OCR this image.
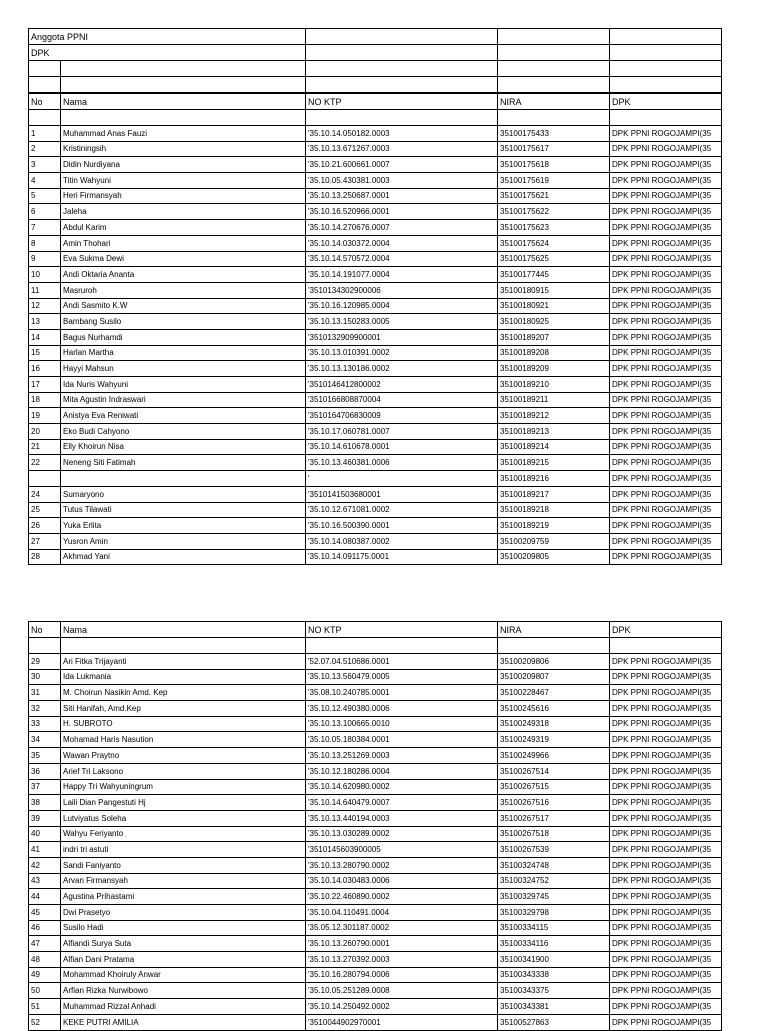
Anggota PPNI				
DPK				

No	Nama	NO KTP	NIRA	DPK

1	Muhammad Anas Fauzi	'35.10.14.050182.0003	35100175433	DPK PPNI ROGOJAMPI(35
2	Kristiningsih	'35.10.13.671267.0003	35100175617	DPK PPNI ROGOJAMPI(35
3	Didin Nurdiyana	'35.10.21.600661.0007	35100175618	DPK PPNI ROGOJAMPI(35
4	Titin Wahyuni	'35.10.05.430381.0003	35100175619	DPK PPNI ROGOJAMPI(35
5	Heri Firmansyah	'35.10.13.250687.0001	35100175621	DPK PPNI ROGOJAMPI(35
6	Jaleha	'35.10.16.520966.0001	35100175622	DPK PPNI ROGOJAMPI(35
7	Abdul Karim	'35.10.14.270676.0007	35100175623	DPK PPNI ROGOJAMPI(35
8	Amin Thohari	'35.10.14.030372.0004	35100175624	DPK PPNI ROGOJAMPI(35
9	Eva Sukma Dewi	'35.10.14.570572.0004	35100175625	DPK PPNI ROGOJAMPI(35
10	Andi Oktaria Ananta	'35.10.14.191077.0004	35100177445	DPK PPNI ROGOJAMPI(35
11	Masruroh	'3510134302900006	35100180915	DPK PPNI ROGOJAMPI(35
12	Andi Sasmito K.W	'35.10.16.120985.0004	35100180921	DPK PPNI ROGOJAMPI(35
13	Bambang Susilo	'35.10.13.150283.0005	35100180925	DPK PPNI ROGOJAMPI(35
14	Bagus Nurhamdi	'3510132909900001	35100189207	DPK PPNI ROGOJAMPI(35
15	Harlan Martha	'35.10.13.010391.0002	35100189208	DPK PPNI ROGOJAMPI(35
16	Hayyi Mahsun	'35.10.13.130186.0002	35100189209	DPK PPNI ROGOJAMPI(35
17	Ida Nuris Wahyuni	'3510146412800002	35100189210	DPK PPNI ROGOJAMPI(35
18	Mita Agustin Indraswari	'3510166808870004	35100189211	DPK PPNI ROGOJAMPI(35
19	Anistya Eva Reniwati	'3510164706830009	35100189212	DPK PPNI ROGOJAMPI(35
20	Eko Budi Cahyono	'35.10.17.060781.0007	35100189213	DPK PPNI ROGOJAMPI(35
21	Elly Khoirun Nisa	'35.10.14.610678.0001	35100189214	DPK PPNI ROGOJAMPI(35
22	Neneng Siti Fatimah	'35.10.13.460381.0006	35100189215	DPK PPNI ROGOJAMPI(35
		'	35100189216	DPK PPNI ROGOJAMPI(35
24	Sumaryono	'3510141503680001	35100189217	DPK PPNI ROGOJAMPI(35
25	Tutus Tilawati	'35.10.12.671081.0002	35100189218	DPK PPNI ROGOJAMPI(35
26	Yuka Erlita	'35.10.16.500390.0001	35100189219	DPK PPNI ROGOJAMPI(35
27	Yusron Amin	'35.10.14.080387.0002	35100209759	DPK PPNI ROGOJAMPI(35
28	Akhmad Yani	'35.10.14.091175.0001	35100209805	DPK PPNI ROGOJAMPI(35
No	Nama	NO KTP	NIRA	DPK

29	Ari Fitka Trijayanti	'52.07.04.510686.0001	35100209806	DPK PPNI ROGOJAMPI(35
30	Ida Lukmania	'35.10.13.560479.0005	35100209807	DPK PPNI ROGOJAMPI(35
31	M. Choirun Nasikin Amd. Kep	'35.08.10.240785.0001	35100228467	DPK PPNI ROGOJAMPI(35
32	Siti Hanifah, Amd.Kep	'35.10.12.490380.0006	35100245616	DPK PPNI ROGOJAMPI(35
33	H. SUBROTO	'35.10.13.100665.0010	35100249318	DPK PPNI ROGOJAMPI(35
34	Mohamad Haris Nasution	'35.10.05.180384.0001	35100249319	DPK PPNI ROGOJAMPI(35
35	Wawan Praytno	'35.10.13.251269.0003	35100249966	DPK PPNI ROGOJAMPI(35
36	Arief Tri Laksono	'35.10.12.180286.0004	35100267514	DPK PPNI ROGOJAMPI(35
37	Happy Tri Wahyuningrum	'35.10.14.620980.0002	35100267515	DPK PPNI ROGOJAMPI(35
38	Laili Dian Pangestuti Hj	'35.10.14.640479.0007	35100267516	DPK PPNI ROGOJAMPI(35
39	Lutviyatus Soleha	'35.10.13.440194.0003	35100267517	DPK PPNI ROGOJAMPI(35
40	Wahyu Feriyanto	'35.10.13.030289.0002	35100267518	DPK PPNI ROGOJAMPI(35
41	indri tri astuti	'3510145603900005	35100267539	DPK PPNI ROGOJAMPI(35
42	Sandi Faniyanto	'35.10.13.280790.0002	35100324748	DPK PPNI ROGOJAMPI(35
43	Arvan Firmansyah	'35.10.14.030483.0006	35100324752	DPK PPNI ROGOJAMPI(35
44	Agustina Prihastami	'35.10.22.460890.0002	35100329745	DPK PPNI ROGOJAMPI(35
45	Dwi Prasetyo	'35.10.04.110491.0004	35100329798	DPK PPNI ROGOJAMPI(35
46	Susilo Hadi	'35.05.12.301187.0002	35100334115	DPK PPNI ROGOJAMPI(35
47	Alfiandi Surya Suta	'35.10.13.260790.0001	35100334116	DPK PPNI ROGOJAMPI(35
48	Alfian Dani Pratama	'35.10.13.270392.0003	35100341900	DPK PPNI ROGOJAMPI(35
49	Mohammad Khoiruly Anwar	'35.10.16.280794.0006	35100343338	DPK PPNI ROGOJAMPI(35
50	Arfian Rizka Nurwibowo	'35.10.05.251289.0008	35100343375	DPK PPNI ROGOJAMPI(35
51	Muhammad Rizzal Anhadi	'35.10.14.250492.0002	35100343381	DPK PPNI ROGOJAMPI(35
52	KEKE PUTRI AMILIA	'3510044902970001	35100527863	DPK PPNI ROGOJAMPI(35
